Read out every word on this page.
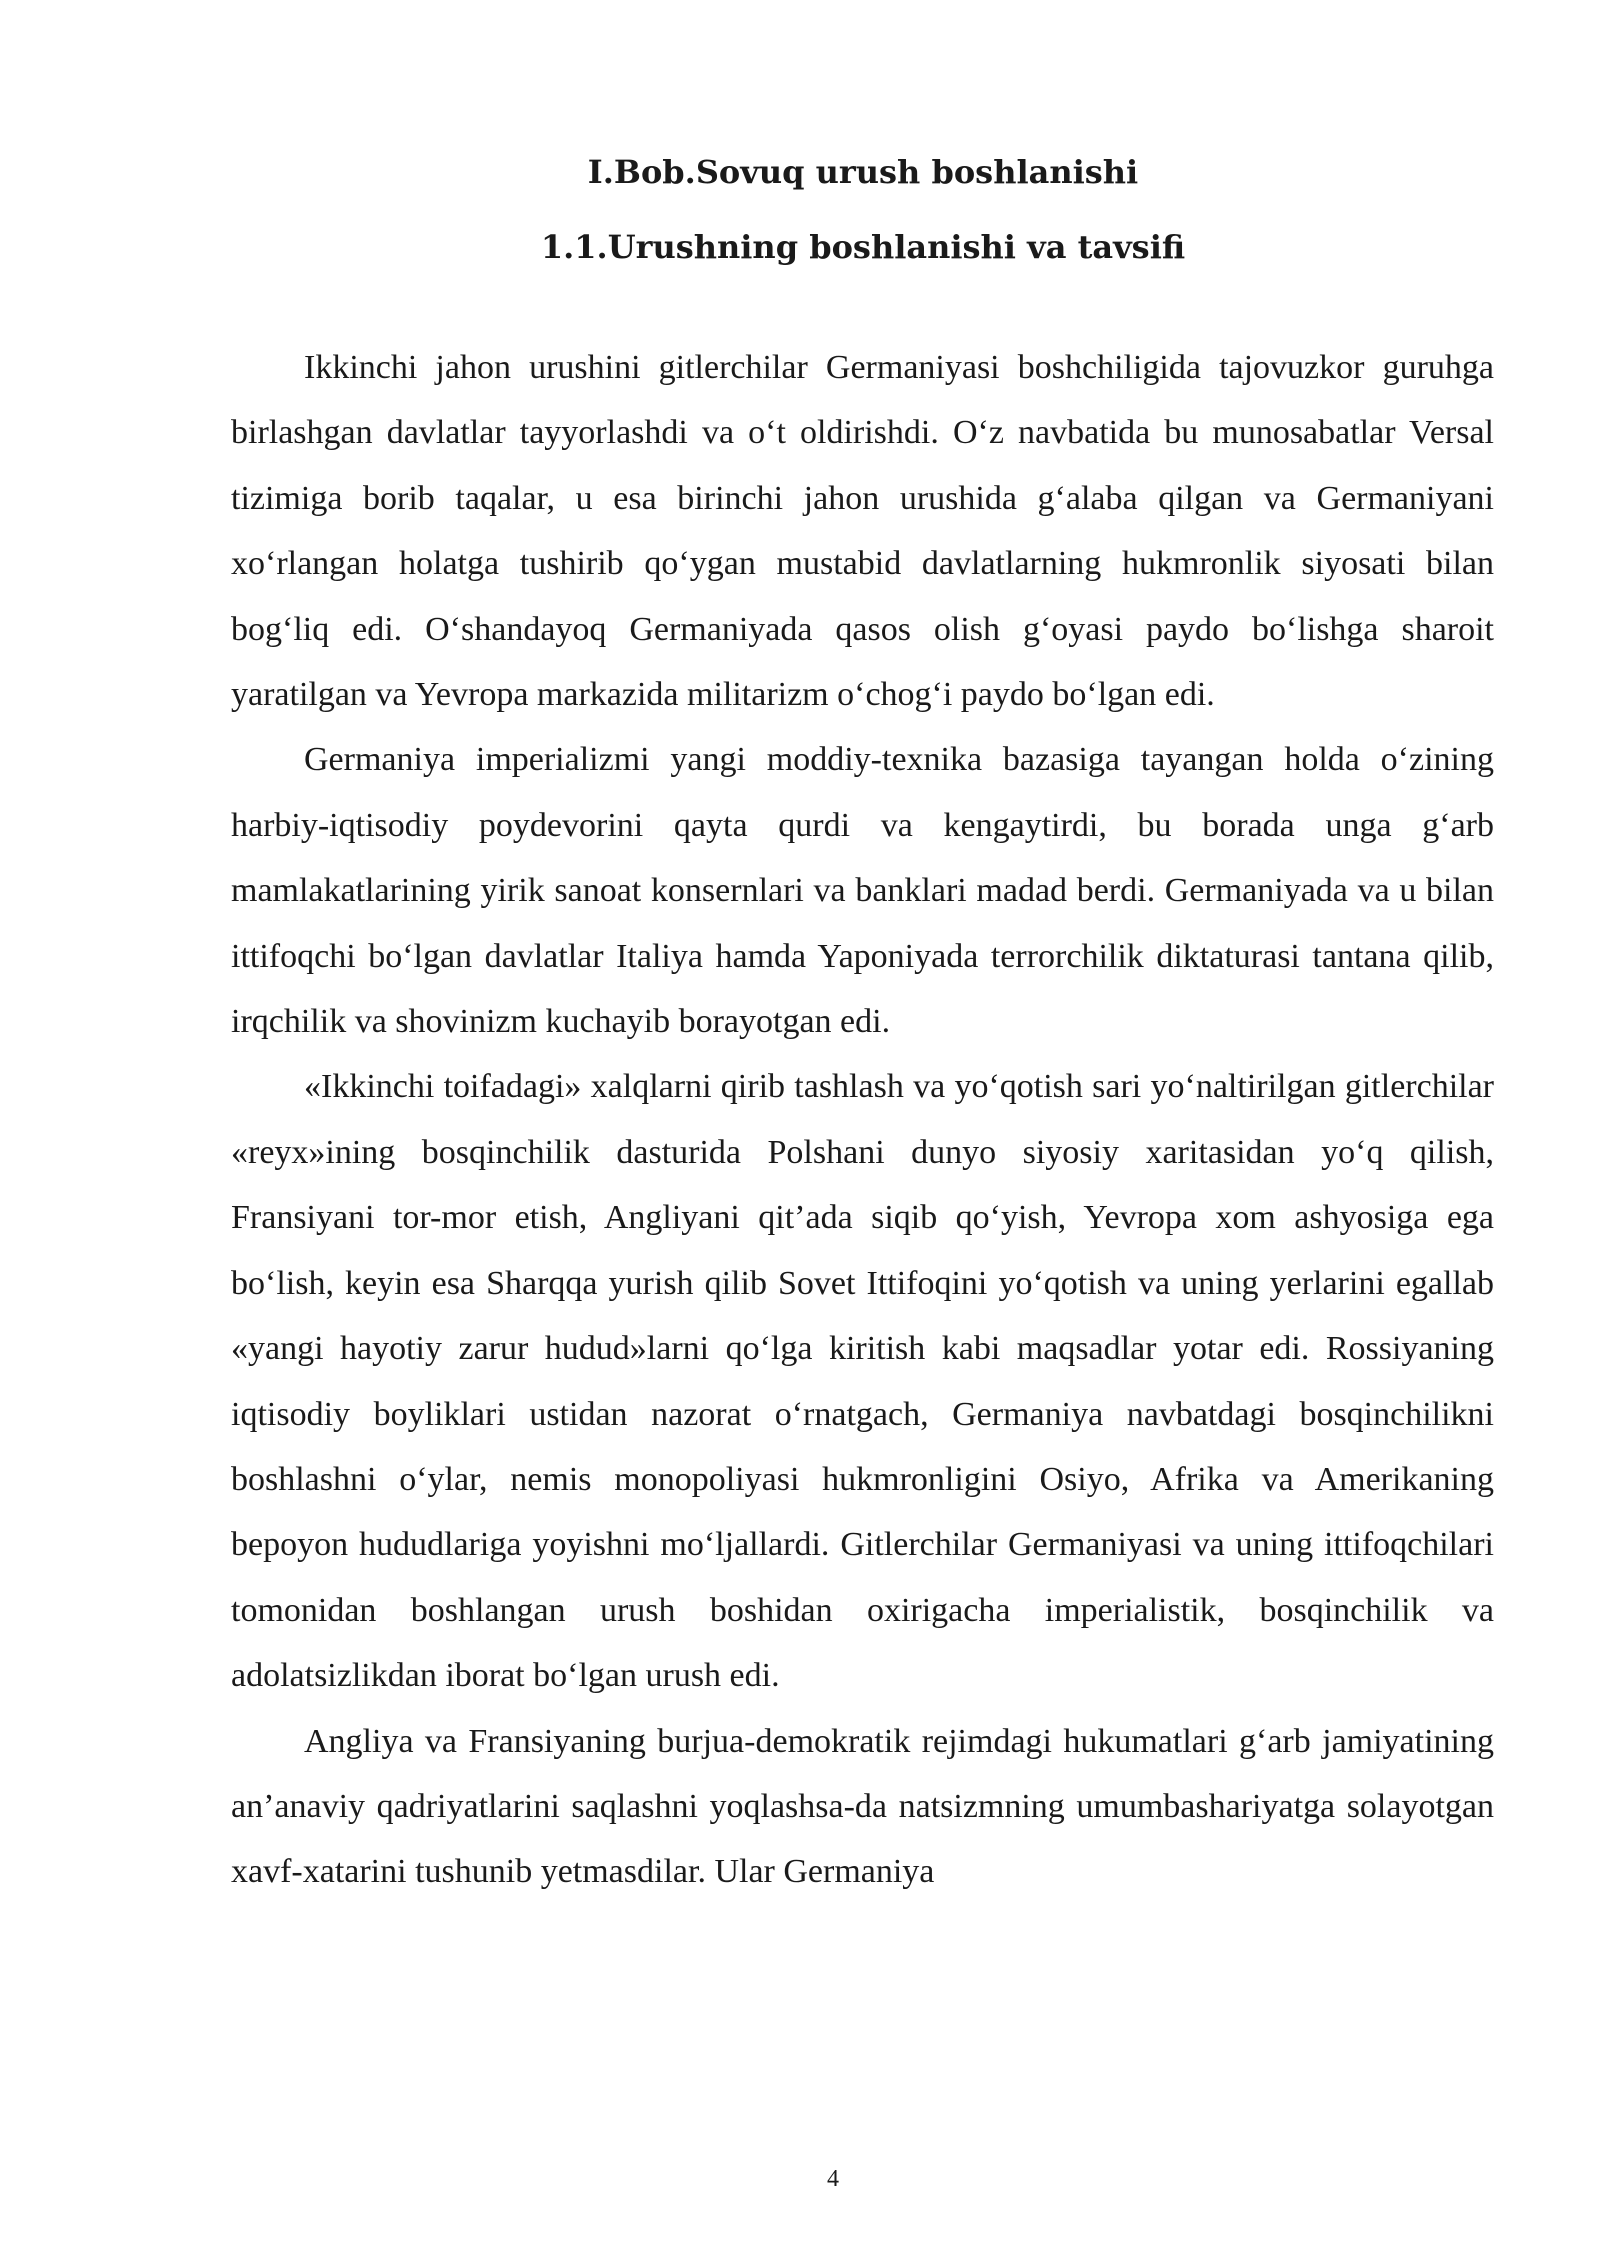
I.Bob.Sovuq urush boshlanishi
1.1.Urushning boshlanishi va tavsifi

Ikkinchi jahon urushini gitlerchilar Germaniyasi boshchiligida tajovuzkor guruhga birlashgan davlatlar tayyorlashdi va o‘t oldirishdi. O‘z navbatida bu munosabatlar Versal tizimiga borib taqalar, u esa birinchi jahon urushida g‘alaba qilgan va Germaniyani xo‘rlangan holatga tushirib qo‘ygan mustabid davlatlarning hukmronlik siyosati bilan bog‘liq edi. O‘shandayoq Germaniyada qasos olish g‘oyasi paydo bo‘lishga sharoit yaratilgan va Yevropa markazida militarizm o‘chog‘i paydo bo‘lgan edi.

Germaniya imperializmi yangi moddiy-texnika bazasiga tayangan holda o‘zining harbiy-iqtisodiy poydevorini qayta qurdi va kengaytirdi, bu borada unga g‘arb mamlakatlarining yirik sanoat konsernlari va banklari madad berdi. Germaniyada va u bilan ittifoqchi bo‘lgan davlatlar Italiya hamda Yaponiyada terrorchilik diktaturasi tantana qilib, irqchilik va shovinizm kuchayib borayotgan edi.

«Ikkinchi toifadagi» xalqlarni qirib tashlash va yo‘qotish sari yo‘naltirilgan gitlerchilar «reyx»ining bosqinchilik dasturida Polshani dunyo siyosiy xaritasidan yo‘q qilish, Fransiyani tor-mor etish, Angliyani qit’ada siqib qo‘yish, Yevropa xom ashyosiga ega bo‘lish, keyin esa Sharqqa yurish qilib Sovet Ittifoqini yo‘qotish va uning yerlarini egallab «yangi hayotiy zarur hudud»larni qo‘lga kiritish kabi maqsadlar yotar edi. Rossiyaning iqtisodiy boyliklari ustidan nazorat o‘rnatgach, Germaniya navbatdagi bosqinchilikni boshlashni o‘ylar, nemis monopoliyasi hukmronligini Osiyo, Afrika va Amerikaning bepoyon hududlariga yoyishni mo‘ljallardi. Gitlerchilar Germaniyasi va uning ittifoqchilari tomonidan boshlangan urush boshidan oxirigacha imperialistik, bosqinchilik va adolatsizlikdan iborat bo‘lgan urush edi.

Angliya va Fransiyaning burjua-demokratik rejimdagi hukumatlari g‘arb jamiyatining an’anaviy qadriyatlarini saqlashni yoqlashsa-da natsizmning umumbashariyatga solayotgan xavf-xatarini tushunib yetmasdilar. Ular Germaniya

4
